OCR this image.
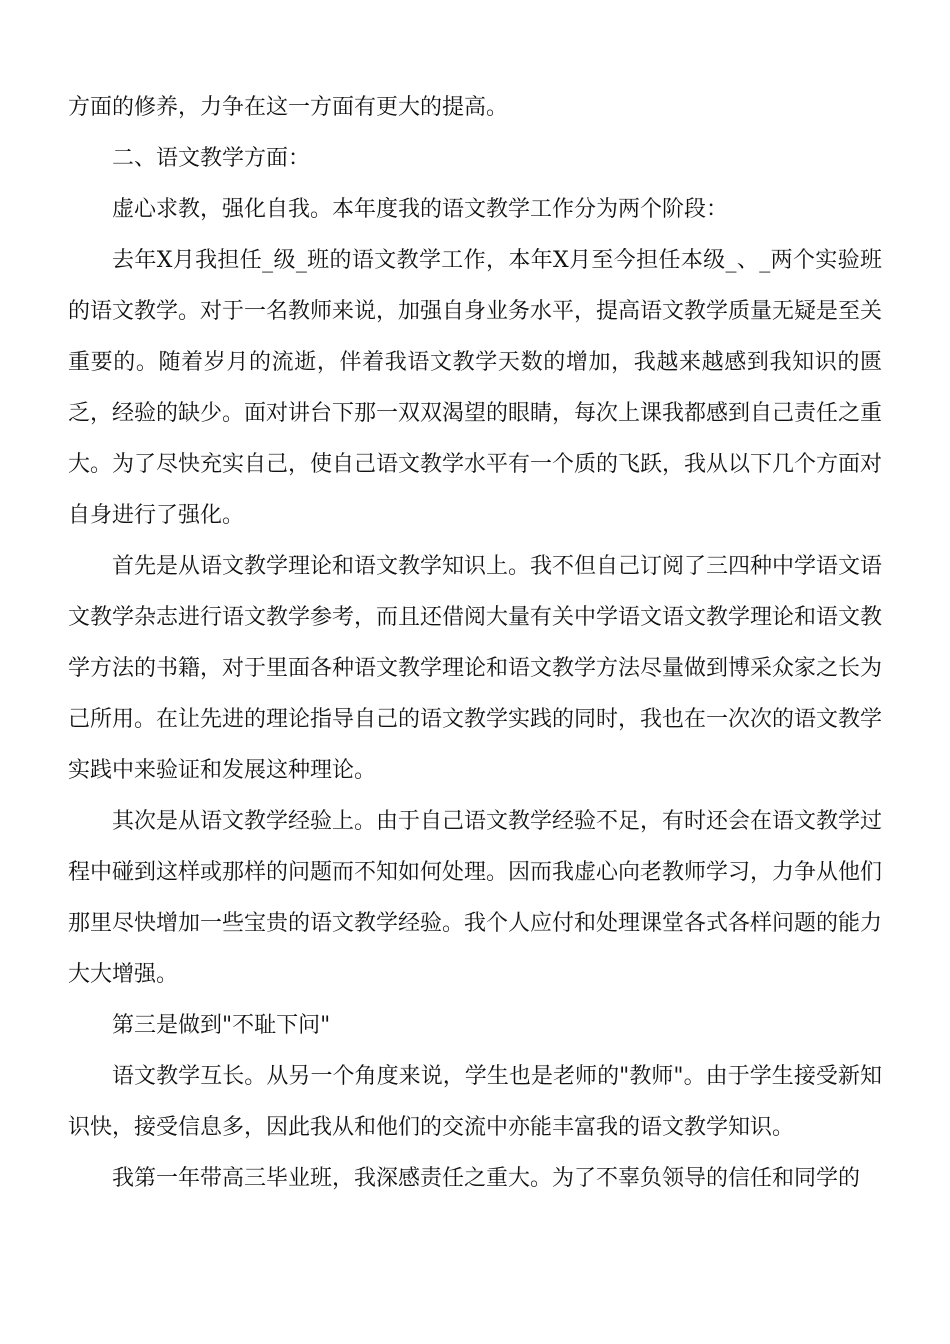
方面的修养，力争在这一方面有更大的提高。

二、语文教学方面：

虚心求教，强化自我。本年度我的语文教学工作分为两个阶段：

去年X月我担任_级_班的语文教学工作，本年X月至今担任本级_、_两个实验班的语文教学。对于一名教师来说，加强自身业务水平，提高语文教学质量无疑是至关重要的。随着岁月的流逝，伴着我语文教学天数的增加，我越来越感到我知识的匮乏，经验的缺少。面对讲台下那一双双渴望的眼睛，每次上课我都感到自己责任之重大。为了尽快充实自己，使自己语文教学水平有一个质的飞跃，我从以下几个方面对自身进行了强化。

首先是从语文教学理论和语文教学知识上。我不但自己订阅了三四种中学语文语文教学杂志进行语文教学参考，而且还借阅大量有关中学语文语文教学理论和语文教学方法的书籍，对于里面各种语文教学理论和语文教学方法尽量做到博采众家之长为己所用。在让先进的理论指导自己的语文教学实践的同时，我也在一次次的语文教学实践中来验证和发展这种理论。

其次是从语文教学经验上。由于自己语文教学经验不足，有时还会在语文教学过程中碰到这样或那样的问题而不知如何处理。因而我虚心向老教师学习，力争从他们那里尽快增加一些宝贵的语文教学经验。我个人应付和处理课堂各式各样问题的能力大大增强。

第三是做到"不耻下问"

语文教学互长。从另一个角度来说，学生也是老师的"教师"。由于学生接受新知识快，接受信息多，因此我从和他们的交流中亦能丰富我的语文教学知识。

我第一年带高三毕业班，我深感责任之重大。为了不辜负领导的信任和同学的
